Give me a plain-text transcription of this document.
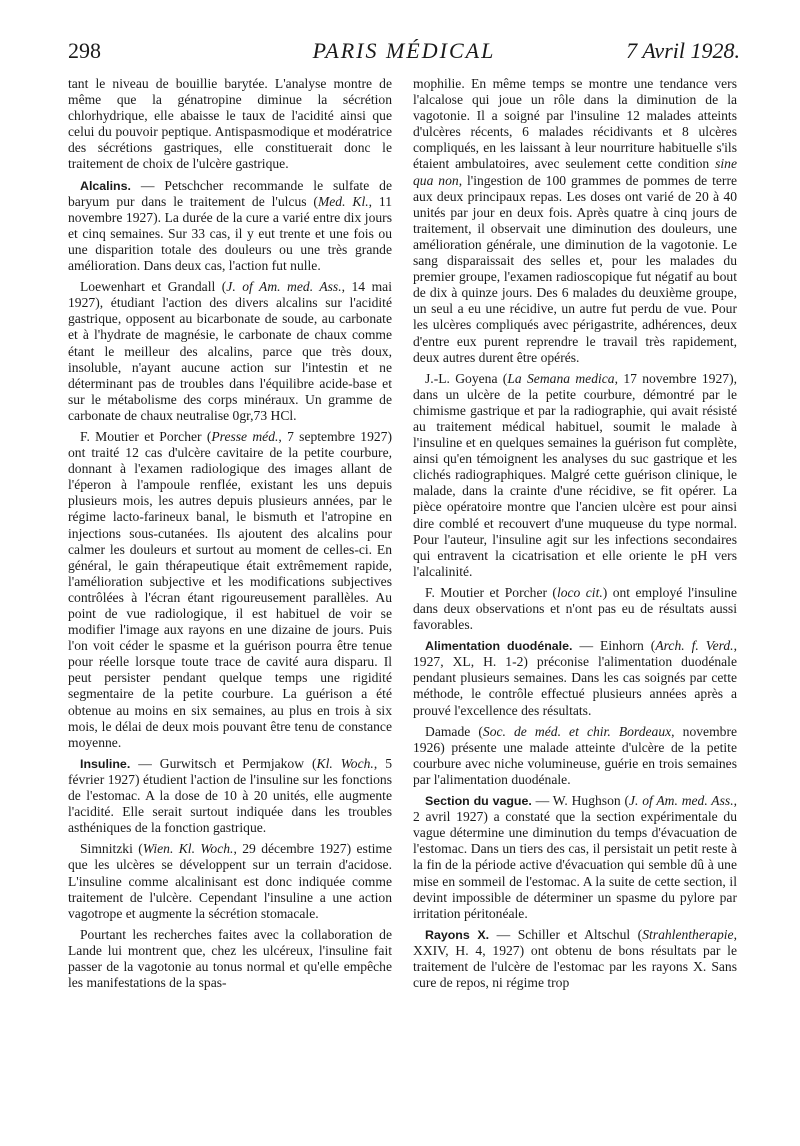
298	PARIS MÉDICAL	7 Avril 1928.

tant le niveau de bouillie barytée. L'analyse montre de même que la génatropine diminue la sécrétion chlorhydrique, elle abaisse le taux de l'acidité ainsi que celui du pouvoir peptique. Antispasmodique et modératrice des sécrétions gastriques, elle constituerait donc le traitement de choix de l'ulcère gastrique.

Alcalins. — Petschcher recommande le sulfate de baryum pur dans le traitement de l'ulcus (Med. Kl., 11 novembre 1927). La durée de la cure a varié entre dix jours et cinq semaines. Sur 33 cas, il y eut trente et une fois ou une disparition totale des douleurs ou une très grande amélioration. Dans deux cas, l'action fut nulle.

Loewenhart et Grandall (J. of Am. med. Ass., 14 mai 1927), étudiant l'action des divers alcalins sur l'acidité gastrique, opposent au bicarbonate de soude, au carbonate et à l'hydrate de magnésie, le carbonate de chaux comme étant le meilleur des alcalins, parce que très doux, insoluble, n'ayant aucune action sur l'intestin et ne déterminant pas de troubles dans l'équilibre acide-base et sur le métabolisme des corps minéraux. Un gramme de carbonate de chaux neutralise 0gr,73 HCl.

F. Moutier et Porcher (Presse méd., 7 septembre 1927) ont traité 12 cas d'ulcère cavitaire de la petite courbure, donnant à l'examen radiologique des images allant de l'éperon à l'ampoule renflée, existant les uns depuis plusieurs mois, les autres depuis plusieurs années, par le régime lacto-farineux banal, le bismuth et l'atropine en injections sous-cutanées. Ils ajoutent des alcalins pour calmer les douleurs et surtout au moment de celles-ci. En général, le gain thérapeutique était extrêmement rapide, l'amélioration subjective et les modifications subjectives contrôlées à l'écran étant rigoureusement parallèles. Au point de vue radiologique, il est habituel de voir se modifier l'image aux rayons en une dizaine de jours. Puis l'on voit céder le spasme et la guérison pourra être tenue pour réelle lorsque toute trace de cavité aura disparu. Il peut persister pendant quelque temps une rigidité segmentaire de la petite courbure. La guérison a été obtenue au moins en six semaines, au plus en trois à six mois, le délai de deux mois pouvant être tenu de constance moyenne.

Insuline. — Gurwitsch et Permjakow (Kl. Woch., 5 février 1927) étudient l'action de l'insuline sur les fonctions de l'estomac. A la dose de 10 à 20 unités, elle augmente l'acidité. Elle serait surtout indiquée dans les troubles asthéniques de la fonction gastrique.

Simnitzki (Wien. Kl. Woch., 29 décembre 1927) estime que les ulcères se développent sur un terrain d'acidose. L'insuline comme alcalinisant est donc indiquée comme traitement de l'ulcère. Cependant l'insuline a une action vagotrope et augmente la sécrétion stomacale.

Pourtant les recherches faites avec la collaboration de Lande lui montrent que, chez les ulcéreux, l'insuline fait passer de la vagotonie au tonus normal et qu'elle empêche les manifestations de la spas-

mophilie. En même temps se montre une tendance vers l'alcalose qui joue un rôle dans la diminution de la vagotonie. Il a soigné par l'insuline 12 malades atteints d'ulcères récents, 6 malades récidivants et 8 ulcères compliqués, en les laissant à leur nourriture habituelle s'ils étaient ambulatoires, avec seulement cette condition sine qua non, l'ingestion de 100 grammes de pommes de terre aux deux principaux repas. Les doses ont varié de 20 à 40 unités par jour en deux fois. Après quatre à cinq jours de traitement, il observait une diminution des douleurs, une amélioration générale, une diminution de la vagotonie. Le sang disparaissait des selles et, pour les malades du premier groupe, l'examen radioscopique fut négatif au bout de dix à quinze jours. Des 6 malades du deuxième groupe, un seul a eu une récidive, un autre fut perdu de vue. Pour les ulcères compliqués avec périgastrite, adhérences, deux d'entre eux purent reprendre le travail très rapidement, deux autres durent être opérés.

J.-L. Goyena (La Semana medica, 17 novembre 1927), dans un ulcère de la petite courbure, démontré par le chimisme gastrique et par la radiographie, qui avait résisté au traitement médical habituel, soumit le malade à l'insuline et en quelques semaines la guérison fut complète, ainsi qu'en témoignent les analyses du suc gastrique et les clichés radiographiques. Malgré cette guérison clinique, le malade, dans la crainte d'une récidive, se fit opérer. La pièce opératoire montre que l'ancien ulcère est pour ainsi dire comblé et recouvert d'une muqueuse du type normal. Pour l'auteur, l'insuline agit sur les infections secondaires qui entravent la cicatrisation et elle oriente le pH vers l'alcalinité.

F. Moutier et Porcher (loco cit.) ont employé l'insuline dans deux observations et n'ont pas eu de résultats aussi favorables.

Alimentation duodénale. — Einhorn (Arch. f. Verd., 1927, XL, H. 1-2) préconise l'alimentation duodénale pendant plusieurs semaines. Dans les cas soignés par cette méthode, le contrôle effectué plusieurs années après a prouvé l'excellence des résultats.

Damade (Soc. de méd. et chir. Bordeaux, novembre 1926) présente une malade atteinte d'ulcère de la petite courbure avec niche volumineuse, guérie en trois semaines par l'alimentation duodénale.

Section du vague. — W. Hughson (J. of Am. med. Ass., 2 avril 1927) a constaté que la section expérimentale du vague détermine une diminution du temps d'évacuation de l'estomac. Dans un tiers des cas, il persistait un petit reste à la fin de la période active d'évacuation qui semble dû à une mise en sommeil de l'estomac. A la suite de cette section, il devint impossible de déterminer un spasme du pylore par irritation péritonéale.

Rayons X. — Schiller et Altschul (Strahlentherapie, XXIV, H. 4, 1927) ont obtenu de bons résultats par le traitement de l'ulcère de l'estomac par les rayons X. Sans cure de repos, ni régime trop
